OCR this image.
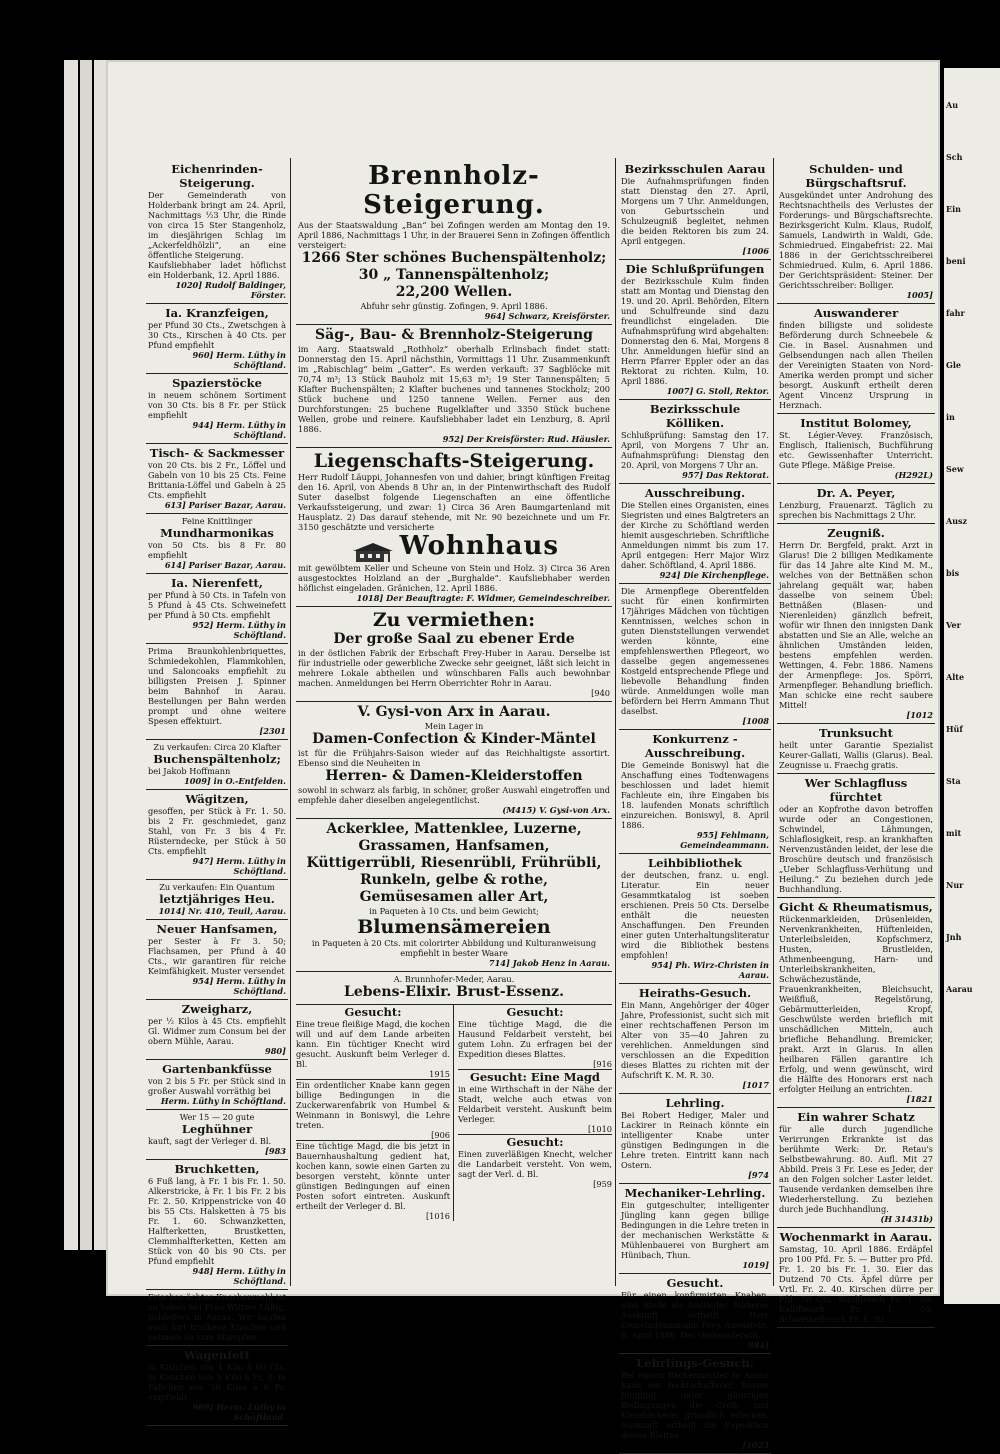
Eichenrinden-Steigerung.
Der Gemeinderath von Holderbank bringt am 24. April, Nachmittags ½3 Uhr, die Rinde von circa 15 Ster Stangenholz, im diesjährigen Schlag im „Ackerfeldhölzli“, an eine öffentliche Steigerung.
Kaufsliebhaber ladet höflichst ein Holderbank, 12. April 1886.
1020] Rudolf Baldinger, Förster.
Ia. Kranzfeigen,
per Pfund 30 Cts., Zwetschgen à 30 Cts., Kirschen à 40 Cts. per Pfund empfiehlt
960] Herm. Lüthy in Schöftland.
Spazierstöcke
in neuem schönem Sortiment von 30 Cts. bis 8 Fr. per Stück empfiehlt
944] Herm. Lüthy in Schöftland.
Tisch- & Sackmesser
von 20 Cts. bis 2 Fr., Löffel und Gabeln von 10 bis 25 Cts. Feine Brittania-Löffel und Gabeln à 25 Cts. empfiehlt
613] Pariser Bazar, Aarau.
Feine Knittlinger
Mundharmonikas
von 50 Cts. bis 8 Fr. 80 empfiehlt
614] Pariser Bazar, Aarau.
Ia. Nierenfett,
per Pfund à 50 Cts. in Tafeln von 5 Pfund à 45 Cts. Schweinefett per Pfund à 50 Cts. empfiehlt
952] Herm. Lüthy in Schöftland.
Prima Braunkohlenbriquettes, Schmiedekohlen, Flammkohlen, und Saloncoaks empfiehlt zu billigsten Preisen J. Spinner beim Bahnhof in Aarau. Bestellungen per Bahn werden prompt und ohne weitere Spesen effektuirt.
[2301
Zu verkaufen: Circa 20 Klafter
Buchenspältenholz;
bei Jakob Hoffmann
1009] in O.-Entfelden.
Wägitzen,
gesoffen, per Stück à Fr. 1. 50. bis 2 Fr. geschmiedet, ganz Stahl, von Fr. 3 bis 4 Fr. Rüsterndecke, per Stück à 50 Cts. empfiehlt
947] Herm. Lüthy in Schöftland.
Zu verkaufen: Ein Quantum
letztjähriges Heu.
1014] Nr. 410, Teuil, Aarau.
Neuer Hanfsamen,
per Sester à Fr 3. 50; Flachsamen, per Pfund à 40 Cts., wir garantiren für reiche Keimfähigkeit. Muster versendet
954] Herm. Lüthy in Schöftland.
Zweigharz,
per ½ Kilos à 45 Cts. empfiehlt Gl. Widmer zum Consum bei der obern Mühle, Aarau.
980]
Gartenbankfüsse
von 2 bis 5 Fr. per Stück sind in großer Auswahl vorräthig bei
Herm. Lüthy in Schöftland.
Wer 15 — 20 gute
Leghühner
kauft, sagt der Verleger d. Bl.
[983
Bruchketten,
6 Fuß lang, à Fr. 1 bis Fr. 1. 50. Alkerstricke, à Fr. 1 bis Fr. 2 bis Fr. 2. 50. Krippenstricke von 40 bis 55 Cts. Halsketten à 75 bis Fr. 1. 60. Schwanzketten, Halfterketten, Brustketten, Clemmhalfterketten, Ketten am Stück von 40 bis 90 Cts. per Pfund empfiehlt
948] Herm. Lüthy in Schöftland.
Frisches ächtes Knochenmehl ist zu haben bei Frau Wittwe Lüßig, Schleifers in Aarau. Wir kaufen auch fort trockene Knochen und nehmen an zum Stampfen.
Wagenfett
in Kistchen von 1 Kilo à 60 Cts. in Kistchen von 5 Kilo à Fr. 3. in Fäßchen von 30 Kilos à 6 Fr. empfiehlt
969] Herm. Lüthy in Schöftland.
Brennholz-Steigerung.
Aus der Staatswaldung „Ban“ bei Zofingen werden am Montag den 19. April 1886, Nachmittags 1 Uhr, in der Brauerei Senn in Zofingen öffentlich versteigert:
1266 Ster schönes Buchenspältenholz;
30 „ Tannenspältenholz;
22,200 Wellen.
Abfuhr sehr günstig. Zofingen, 9. April 1886.
964] Schwarz, Kreisförster.
Säg-, Bau- & Brennholz-Steigerung
im Aarg. Staatswald „Rothholz“ oberhalb Erlinsbach findet statt: Donnerstag den 15. April nächsthin, Vormittags 11 Uhr. Zusammenkunft im „Rabischlag“ beim „Gatter“. Es werden verkauft: 37 Sagblöcke mit 70,74 m³; 13 Stück Bauholz mit 15,63 m³; 19 Ster Tannenspälten; 5 Klafter Buchenspälten; 2 Klafter buchenes und tannenes Stockholz; 200 Stück buchene und 1250 tannene Wellen. Ferner aus den Durchforstungen: 25 buchene Rugelklafter und 3350 Stück buchene Wellen, grobe und reinere. Kaufsliebhaber ladet ein Lenzburg, 8. April 1886.
952] Der Kreisförster: Rud. Häusler.
Liegenschafts-Steigerung.
Herr Rudolf Läuppi, Johannesfen von und dahier, bringt künftigen Freitag den 16. April, von Abends 8 Uhr an, in der Pintenwirthschaft des Rudolf Suter daselbst folgende Liegenschaften an eine öffentliche Verkaufssteigerung, und zwar: 1) Circa 36 Aren Baumgartenland mit Hausplatz. 2) Das darauf stehende, mit Nr. 90 bezeichnete und um Fr. 3150 geschätzte und versicherte
Wohnhaus
mit gewölbtem Keller und Scheune von Stein und Holz. 3) Circa 36 Aren ausgestocktes Holzland an der „Burghalde“. Kaufsliebhaber werden höflichst eingeladen. Gränichen, 12. April 1886.
1018] Der Beauftragte: F. Widmer, Gemeindeschreiber.
Zu vermiethen:
Der große Saal zu ebener Erde
in der östlichen Fabrik der Erbschaft Frey-Huber in Aarau. Derselbe ist für industrielle oder gewerbliche Zwecke sehr geeignet, läßt sich leicht in mehrere Lokale abtheilen und wünschbaren Falls auch bewohnbar machen. Anmeldungen bei Herrn Oberrichter Rohr in Aarau.
[940
V. Gysi-von Arx in Aarau.
Mein Lager in
Damen-Confection & Kinder-Mäntel
ist für die Frühjahrs-Saison wieder auf das Reichhaltigste assortirt. Ebenso sind die Neuheiten in
Herren- & Damen-Kleiderstoffen
sowohl in schwarz als farbig, in schöner, großer Auswahl eingetroffen und empfehle daher dieselben angelegentlichst.
(M415) V. Gysi-von Arx.
Ackerklee, Mattenklee, Luzerne,
Grassamen, Hanfsamen,
Küttigerrübli, Riesenrübli, Frührübli,
Runkeln, gelbe & rothe,
Gemüsesamen aller Art,
in Paqueten à 10 Cts. und beim Gewicht;
Blumensämereien
in Paqueten à 20 Cts. mit colorirter Abbildung und Kulturanweisung empfiehlt in bester Waare
714] Jakob Henz in Aarau.
A. Brunnhofer-Meder, Aarau.
Lebens-Elixir. Brust-Essenz.
Gesucht:
Eine treue fleißige Magd, die kochen will und auf dem Lande arbeiten kann. Ein tüchtiger Knecht wird gesucht. Auskunft beim Verleger d. Bl.
1915
Ein ordentlicher Knabe kann gegen billige Bedingungen in die Zuckerwarenfabrik von Humbel & Weinmann in Boniswyl, die Lehre treten.
[906
Eine tüchtige Magd, die bis jetzt in Bauernhaushaltung gedient hat, kochen kann, sowie einen Garten zu besorgen versteht, könnte unter günstigen Bedingungen auf einen Posten sofort eintreten. Auskunft ertheilt der Verleger d. Bl.
[1016
Gesucht:
Eine tüchtige Magd, die die Hausund Feldarbeit versteht, bei gutem Lohn. Zu erfragen bei der Expedition dieses Blattes.
[916
Gesucht: Eine Magd
in eine Wirthschaft in der Nähe der Stadt, welche auch etwas von Feldarbeit versteht. Auskunft beim Verleger.
[1010
Gesucht:
Einen zuverläßigen Knecht, welcher die Landarbeit versteht. Von wem, sagt der Verl. d. Bl.
[959
Bezirksschulen Aarau
Die Aufnahmsprüfungen finden statt Dienstag den 27. April, Morgens um 7 Uhr. Anmeldungen, von Geburtsschein und Schulzeugniß begleitet, nehmen die beiden Rektoren bis zum 24. April entgegen.
[1006
Die Schlußprüfungen
der Bezirksschule Kulm finden statt am Montag und Dienstag den 19. und 20. April. Behörden, Eltern und Schulfreunde sind dazu freundlichst eingeladen. Die Aufnahmsprüfung wird abgehalten: Donnerstag den 6. Mai, Morgens 8 Uhr. Anmeldungen hiefür sind an Herrn Pfarrer Eppler oder an das Rektorat zu richten. Kulm, 10. April 1886.
1007] G. Stoll, Rektor.
Bezirksschule Kölliken.
Schlußprüfung: Samstag den 17. April, von Morgens 7 Uhr an. Aufnahmsprüfung: Dienstag den 20. April, von Morgens 7 Uhr an.
957] Das Rektorat.
Ausschreibung.
Die Stellen eines Organisten, eines Siegristen und eines Balgtreters an der Kirche zu Schöftland werden hiemit ausgeschrieben. Schriftliche Anmeldungen nimmt bis zum 17. April entgegen: Herr Major Wirz daher. Schöftland, 4. April 1886.
924] Die Kirchenpflege.
Die Armenpflege Oberentfelden sucht für einen konfirmirten 17jähriges Mädchen von tüchtigen Kenntnissen, welches schon in guten Dienststellungen verwendet werden könnte, eine empfehlenswerthen Pflegeort, wo dasselbe gegen angemessenes Kostgeld entsprechende Pflege und liebevolle Behandlung finden würde. Anmeldungen wolle man befördern bei Herrn Ammann Thut daselbst.
[1008
Konkurrenz - Ausschreibung.
Die Gemeinde Boniswyl hat die Anschaffung eines Todtenwagens beschlossen und ladet hiemit Fachleute ein, ihre Eingaben bis 18. laufenden Monats schriftlich einzureichen. Boniswyl, 8. April 1886.
955] Fehlmann, Gemeindeammann.
Leihbibliothek
der deutschen, franz. u. engl. Literatur. Ein neuer Gesammtkatalog ist soeben erschienen. Preis 50 Cts. Derselbe enthält die neuesten Anschaffungen. Den Freunden einer guten Unterhaltungsliteratur wird die Bibliothek bestens empfohlen!
954] Ph. Wirz-Christen in Aarau.
Heiraths-Gesuch.
Ein Mann, Angehöriger der 40ger Jahre, Professionist, sucht sich mit einer rechtschaffenen Person im Alter von 35—40 Jahren zu verehlichen. Anmeldungen sind verschlossen an die Expedition dieses Blattes zu richten mit der Aufschrift K. M. R. 30.
[1017
Lehrling.
Bei Robert Hediger, Maler und Lackirer in Reinach könnte ein intelligenter Knabe unter günstigen Bedingungen in die Lehre treten. Eintritt kann nach Ostern.
[974
Mechaniker-Lehrling.
Ein gutgeschulter, intelligenter Jüngling kann gegen billige Bedingungen in die Lehre treten in der mechanischen Werkstätte & Mühlenbauerei von Burghert am Hünibach, Thun.
1019]
Gesucht.
Für einen konfirmirten Knaben, eine Stelle als Ausläufer. Näheres Auskunft ertheilt Herr Gemeindeammann Frey. Auenstein, 8. April 1886. Der Gemeinderath.
984]
Lehrlings-Gesuch.
Bei einem Bäckermeister in Aarau kann ein rechtschaffener, braver Jüngling unter günstigen Bedingungen die Groß- und Kleinbäckerei gründlich erlernen. Auskunft ertheilt die Expedition dieses Blattes.
[1023
Schulden- und Bürgschaftsruf.
Ausgekündet unter Androhung des Rechtsnachtheils des Verlustes der Forderungs- und Bürgschaftsrechte. Bezirksgericht Kulm. Klaus, Rudolf, Samuels, Landwirth in Waldi, Gde. Schmiedrued. Eingabefrist: 22. Mai 1886 in der Gerichtsschreiberei Schmiedrued. Kulm, 6. April 1886. Der Gerichtspräsident: Steiner. Der Gerichtsschreiber: Bolliger.
1005]
Auswanderer
finden billigste und solideste Beförderung durch Schneebele & Cie. in Basel. Ausnahmen und Gelbsendungen nach allen Theilen der Vereinigten Staaten von Nord-Amerika werden prompt und sicher besorgt. Auskunft ertheilt deren Agent Vincenz Ursprung in Herznach.
Institut Bolomey,
St. Légier-Vevey. Französisch, Englisch, Italienisch, Buchführung etc. Gewissenhafter Unterricht. Gute Pflege. Mäßige Preise.
(H292L)
Dr. A. Peyer,
Lenzburg, Frauenarzt. Täglich zu sprechen bis Nachmittags 2 Uhr.
Zeugniß.
Herrn Dr. Bergfeld, prakt. Arzt in Glarus! Die 2 billigen Medikamente für das 14 Jahre alte Kind M. M., welches von der Bettnäßen schon jahrelang gequält war, haben dasselbe von seinem Übel: Bettnäßen (Blasen- und Nierenleiden) gänzlich befreit, wofür wir Ihnen den innigsten Dank abstatten und Sie an Alle, welche an ähnlichen Umständen leiden, bestens empfehlen werden. Wettingen, 4. Febr. 1886. Namens der Armenpflege: Jos. Spörri, Armenpfleger. Behandlung brieflich. Man schicke eine recht saubere Mittel!
[1012
Trunksucht
heilt unter Garantie Spezialist Keurer-Gallati, Wallis (Glarus). Beal. Zeugnisse u. Fraechg gratis.
Wer Schlagfluss fürchtet
oder an Kopfrothe davon betroffen wurde oder an Congestionen, Schwindel, Lähmungen, Schlaflosigkeit, resp. an krankhaften Nervenzuständen leidet, der lese die Broschüre deutsch und französisch „Ueber Schlagfluss-Verhütung und Heilung.“ Zu beziehen durch jede Buchhandlung.
Gicht & Rheumatismus,
Rückenmarkleiden, Drüsenleiden, Nervenkrankheiten, Hüftenleiden, Unterleibsleiden, Kopfschmerz, Husten, Brustleiden, Athmenbeengung, Harn- und Unterleibskrankheiten, Schwächezustände, Frauenkrankheiten, Bleichsucht, Weißfluß, Regelstörung, Gebärmutterleiden, Kropf, Geschwülste werden brieflich mit unschädlichen Mitteln, auch briefliche Behandlung. Bremicker, prakt. Arzt in Glarus. In allen heilbaren Fällen garantire ich Erfolg, und wenn gewünscht, wird die Hälfte des Honorars erst nach erfolgter Heilung an entrichten.
[1821
Ein wahrer Schatz
für alle durch jugendliche Verirrungen Erkrankte ist das berühmte Werk: Dr. Retau's Selbstbewahrung. 80. Aufl. Mit 27 Abbild. Preis 3 Fr. Lese es Jeder, der an den Folgen solcher Laster leidet. Tausende verdanken demselben ihre Wiederherstellung. Zu beziehen durch jede Buchhandlung.
(H 31431b)
Wochenmarkt in Aarau.
Samstag, 10. April 1886. Erdäpfel pro 100 Pfd. Fr. 5. — Butter pro Pfd. Fr. 1. 20 bis Fr. 1. 30. Eier das Dutzend 70 Cts. Äpfel dürre per Vrtl. Fr. 2. 40. Kirschen dürre per Pfd. 70 Cts. Rindfleisch Fr. 1. 60. Kalbfleisch Fr. 1. 05. Schweinefleisch Fr. 1. 30.
Au
Sch
Ein
beni
fahr
Gle
in
Sew
Ausz
bis
Ver
Alte
Hüf
Sta
mit
Nur
Jnh
Aarau
